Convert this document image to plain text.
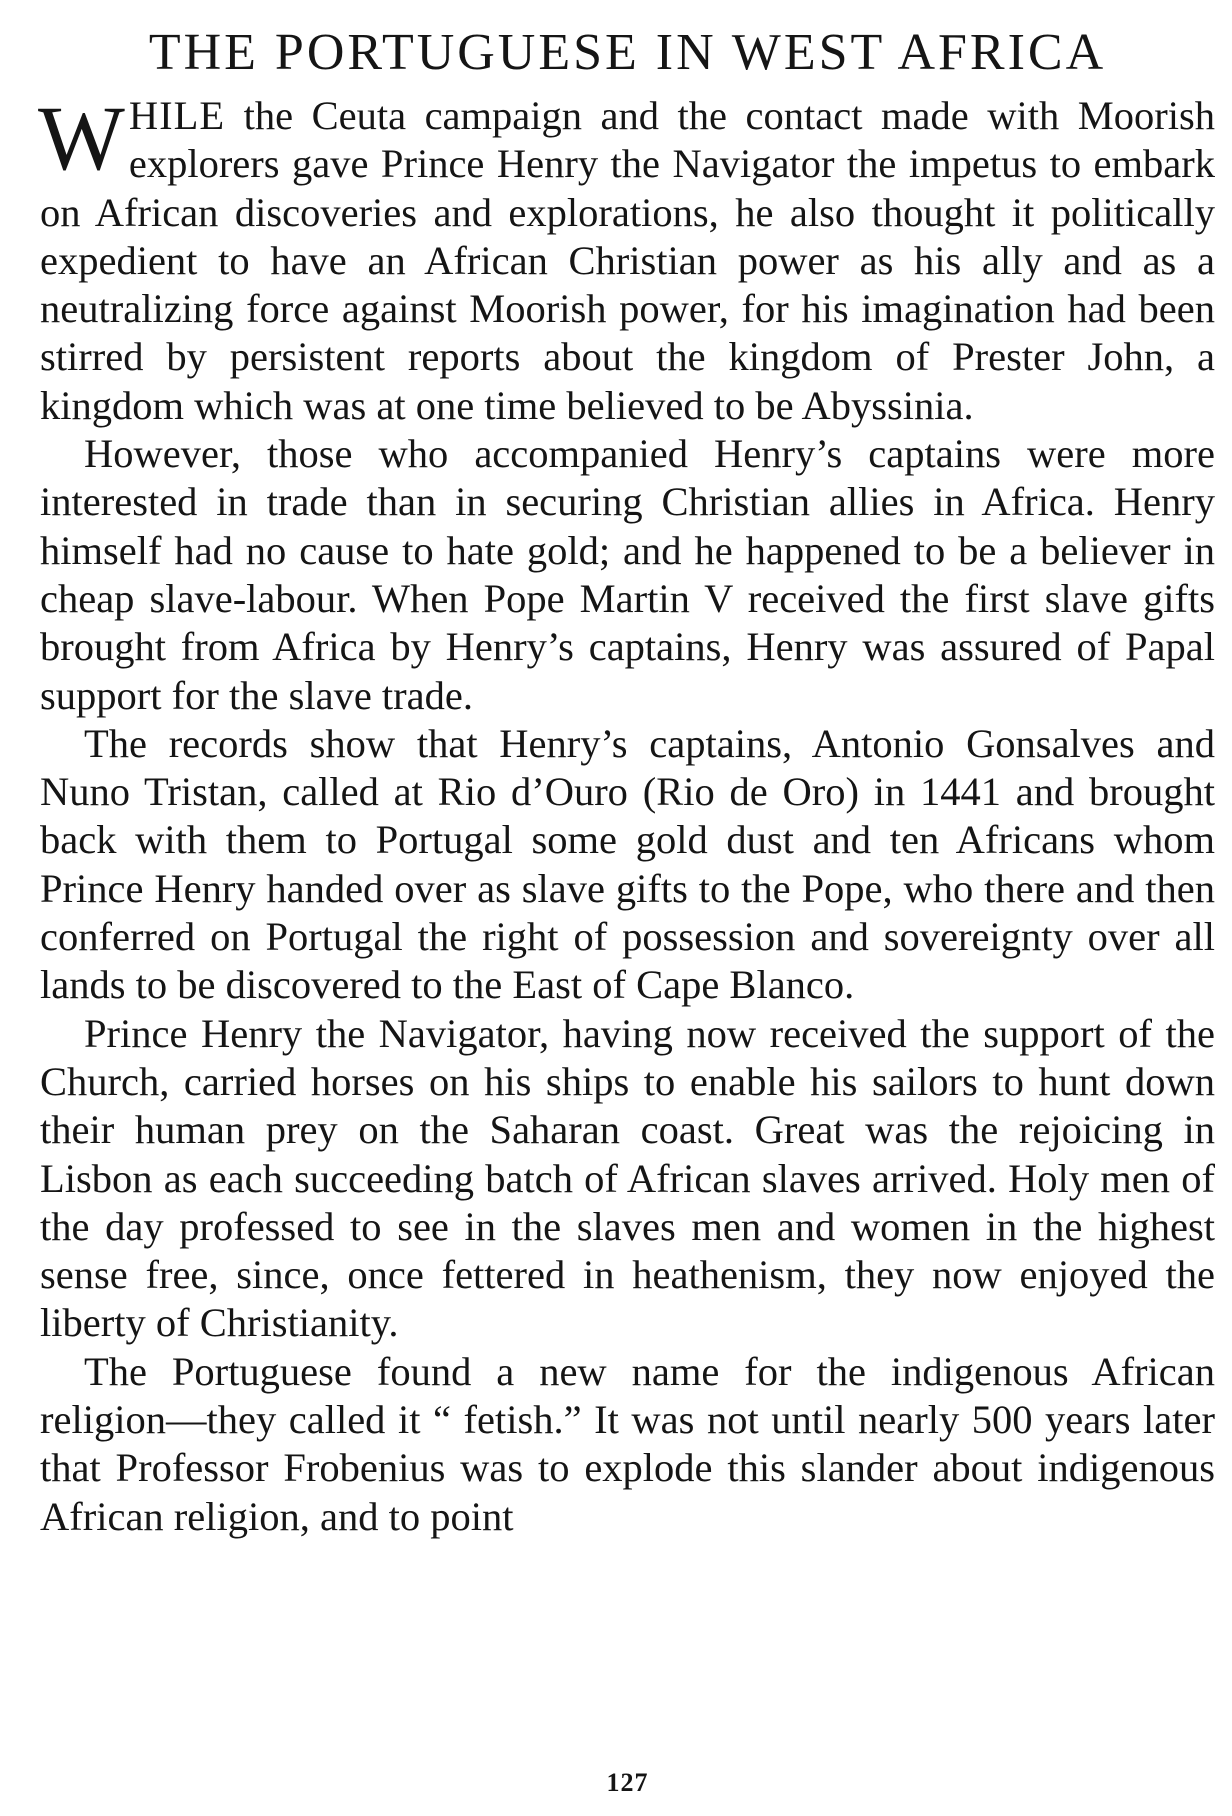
THE PORTUGUESE IN WEST AFRICA

WHILE the Ceuta campaign and the contact made with Moorish explorers gave Prince Henry the Navigator the impetus to embark on African discoveries and explorations, he also thought it politically expedient to have an African Christian power as his ally and as a neutralizing force against Moorish power, for his imagination had been stirred by persistent reports about the kingdom of Prester John, a kingdom which was at one time believed to be Abyssinia.

However, those who accompanied Henry’s captains were more interested in trade than in securing Christian allies in Africa. Henry himself had no cause to hate gold; and he happened to be a believer in cheap slave-labour. When Pope Martin V received the first slave gifts brought from Africa by Henry’s captains, Henry was assured of Papal support for the slave trade.

The records show that Henry’s captains, Antonio Gonsalves and Nuno Tristan, called at Rio d’Ouro (Rio de Oro) in 1441 and brought back with them to Portugal some gold dust and ten Africans whom Prince Henry handed over as slave gifts to the Pope, who there and then conferred on Portugal the right of possession and sovereignty over all lands to be discovered to the East of Cape Blanco.

Prince Henry the Navigator, having now received the support of the Church, carried horses on his ships to enable his sailors to hunt down their human prey on the Saharan coast. Great was the rejoicing in Lisbon as each succeeding batch of African slaves arrived. Holy men of the day professed to see in the slaves men and women in the highest sense free, since, once fettered in heathenism, they now enjoyed the liberty of Christianity.

The Portuguese found a new name for the indigenous African religion—they called it “ fetish.” It was not until nearly 500 years later that Professor Frobenius was to explode this slander about indigenous African religion, and to point

127
